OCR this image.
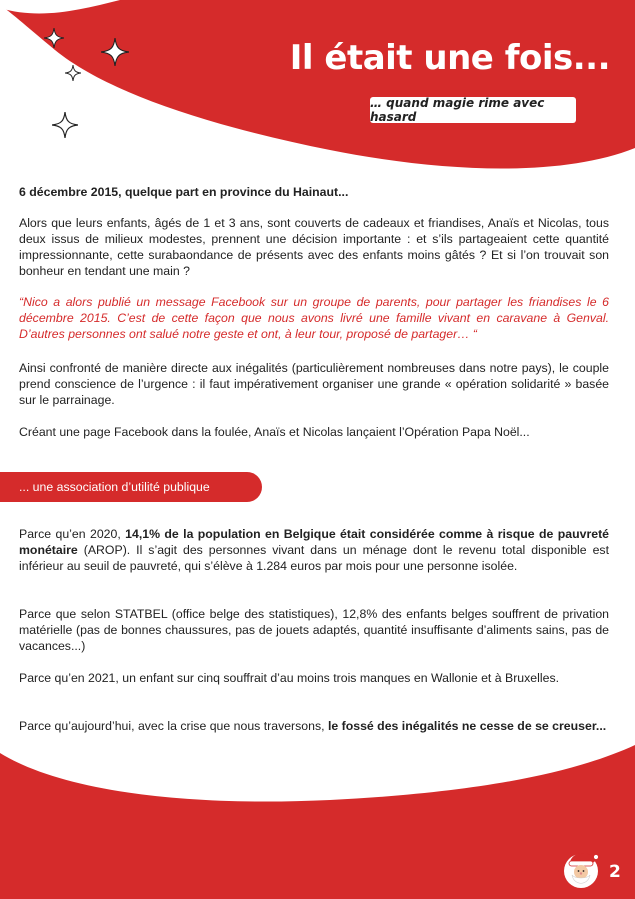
Il était une fois...
… quand magie rime avec hasard

6 décembre 2015, quelque part en province du Hainaut...

Alors que leurs enfants, âgés de 1 et 3 ans, sont couverts de cadeaux et friandises, Anaïs et Nicolas, tous deux issus de milieux modestes, prennent une décision importante : et s’ils partageaient cette quantité impressionnante, cette surabaondance de présents avec des enfants moins gâtés ? Et si l’on trouvait son bonheur en tendant une main ?

“Nico a alors publié un message Facebook sur un groupe de parents, pour partager les friandises le 6 décembre 2015. C’est de cette façon que nous avons livré une famille vivant en caravane à Genval. D’autres personnes ont salué notre geste et ont, à leur tour, proposé de partager… “

Ainsi confronté de manière directe aux inégalités (particulièrement nombreuses dans notre pays), le couple prend conscience de l’urgence : il faut impérativement organiser une grande « opération solidarité » basée sur le parrainage.

Créant une page Facebook dans la foulée, Anaïs et Nicolas lançaient l’Opération Papa Noël...

... une association d’utilité publique

Parce qu’en 2020, 14,1% de la population en Belgique était considérée comme à risque de pauvreté monétaire (AROP). Il s’agit des personnes vivant dans un ménage dont le revenu total disponible est inférieur au seuil de pauvreté, qui s’élève à 1.284 euros par mois pour une personne isolée.

Parce que selon STATBEL (office belge des statistiques), 12,8% des enfants belges souffrent de privation matérielle (pas de bonnes chaussures, pas de jouets adaptés, quantité insuffisante d’aliments sains, pas de vacances...)

Parce qu’en 2021, un enfant sur cinq souffrait d’au moins trois manques en Wallonie et à Bruxelles.

Parce qu’aujourd’hui, avec la crise que nous traversons, le fossé des inégalités ne cesse de se creuser...

2
